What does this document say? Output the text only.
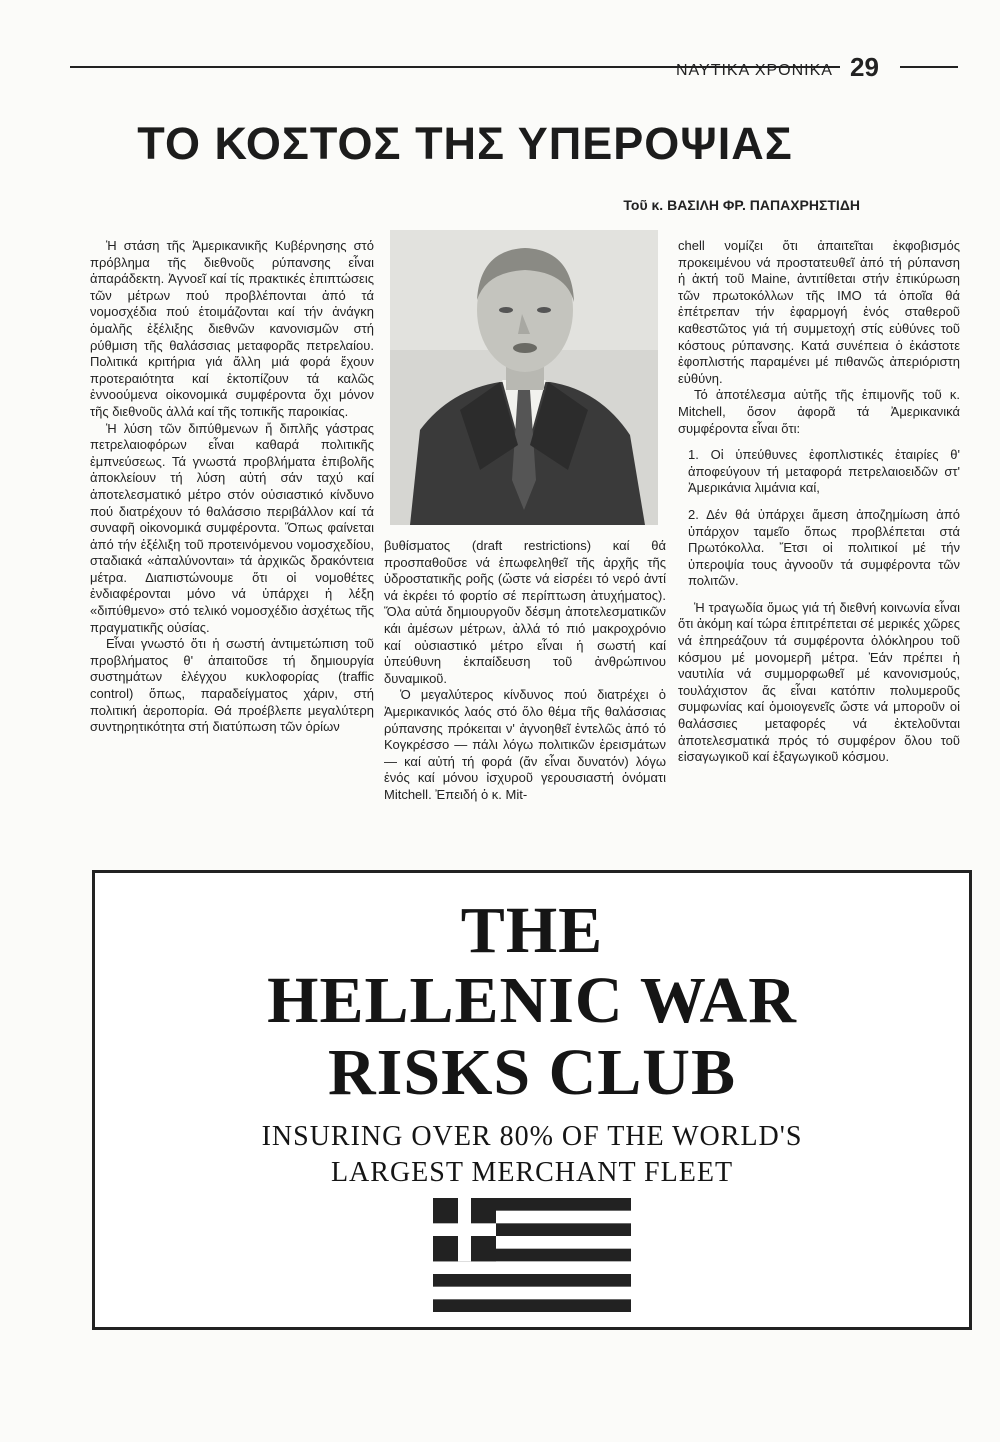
ΝΑΥΤΙΚΑ ΧΡΟΝΙΚΑ 29
ΤΟ ΚΟΣΤΟΣ ΤΗΣ ΥΠΕΡΟΨΙΑΣ
Τοῦ κ. ΒΑΣΙΛΗ ΦΡ. ΠΑΠΑΧΡΗΣΤΙΔΗ

Ἡ στάση τῆς Ἀμερικανικῆς Κυβέρνησης στό πρόβλημα τῆς διεθνοῦς ρύπανσης εἶναι ἀπαράδεκτη. Ἀγνοεῖ καί τίς πρακτικές ἐπιπτώσεις τῶν μέτρων πού προβλέπονται ἀπό τά νομοσχέδια πού ἑτοιμάζονται καί τήν ἀνάγκη ὁμαλῆς ἐξέλιξης διεθνῶν κανονισμῶν στή ρύθμιση τῆς θαλάσσιας μεταφορᾶς πετρελαίου. Πολιτικά κριτήρια γιά ἄλλη μιά φορά ἔχουν προτεραιότητα καί ἐκτοπίζουν τά καλῶς ἐννοούμενα οἰκονομικά συμφέροντα ὄχι μόνον τῆς διεθνοῦς ἀλλά καί τῆς τοπικῆς παροικίας.

Ἡ λύση τῶν διπύθμενων ἤ διπλῆς γάστρας πετρελαιοφόρων εἶναι καθαρά πολιτικῆς ἐμπνεύσεως. Τά γνωστά προβλήματα ἐπιβολῆς ἀποκλείουν τή λύση αὐτή σάν ταχύ καί ἀποτελεσματικό μέτρο στόν οὐσιαστικό κίνδυνο πού διατρέχουν τό θαλάσσιο περιβάλλον καί τά συναφῆ οἰκονομικά συμφέροντα. Ὅπως φαίνεται ἀπό τήν ἐξέλιξη τοῦ προτεινόμενου νομοσχεδίου, σταδιακά «ἀπαλύνονται» τά ἀρχικῶς δρακόντεια μέτρα. Διαπιστώνουμε ὅτι οἱ νομοθέτες ἐνδιαφέρονται μόνο νά ὑπάρχει ἡ λέξη «διπύθμενο» στό τελικό νομοσχέδιο ἀσχέτως τῆς πραγματικῆς οὐσίας.

Εἶναι γνωστό ὅτι ἡ σωστή ἀντιμετώπιση τοῦ προβλήματος θ' ἀπαιτοῦσε τή δημιουργία συστημάτων ἐλέγχου κυκλοφορίας (traffic control) ὅπως, παραδείγματος χάριν, στή πολιτική ἀεροπορία. Θά προέβλεπε μεγαλύτερη συντηρητικότητα στή διατύπωση τῶν ὁρίων

βυθίσματος (draft restrictions) καί θά προσπαθοῦσε νά ἐπωφεληθεῖ τῆς ἀρχῆς τῆς ὑδροστατικῆς ροῆς (ὥστε νά εἰσρέει τό νερό ἀντί νά ἐκρέει τό φορτίο σέ περίπτωση ἀτυχήματος). Ὅλα αὐτά δημιουργοῦν δέσμη ἀποτελεσματικῶν κάι ἀμέσων μέτρων, ἀλλά τό πιό μακροχρόνιο καί οὐσιαστικό μέτρο εἶναι ἡ σωστή καί ὑπεύθυνη ἐκπαίδευση τοῦ ἀνθρώπινου δυναμικοῦ.

Ὁ μεγαλύτερος κίνδυνος πού διατρέχει ὁ Ἀμερικανικός λαός στό ὅλο θέμα τῆς θαλάσσιας ρύπανσης πρόκειται ν' ἀγνοηθεῖ ἐντελῶς ἀπό τό Κογκρέσσο — πάλι λόγω πολιτικῶν ἐρεισμάτων — καί αὐτή τή φορά (ἄν εἶναι δυνατόν) λόγω ἑνός καί μόνου ἰσχυροῦ γερουσιαστή ὀνόματι Mitchell. Ἐπειδή ὁ κ. Mit-

chell νομίζει ὅτι ἀπαιτεῖται ἐκφοβισμός προκειμένου νά προστατευθεῖ ἀπό τή ρύπανση ἡ ἀκτή τοῦ Maine, ἀντιτίθεται στήν ἐπικύρωση τῶν πρωτοκόλλων τῆς IMO τά ὁποῖα θά ἐπέτρεπαν τήν ἐφαρμογή ἑνός σταθεροῦ καθεστῶτος γιά τή συμμετοχή στίς εὐθύνες τοῦ κόστους ρύπανσης. Κατά συνέπεια ὁ ἑκάστοτε ἐφοπλιστής παραμένει μέ πιθανῶς ἀπεριόριστη εὐθύνη.

Τό ἀποτέλεσμα αὐτῆς τῆς ἐπιμονῆς τοῦ κ. Mitchell, ὅσον ἀφορᾶ τά Ἀμερικανικά συμφέροντα εἶναι ὅτι:

1. Οἱ ὑπεύθυνες ἐφοπλιστικές ἑταιρίες θ' ἀποφεύγουν τή μεταφορά πετρελαιοειδῶν στ' Ἀμερικάνια λιμάνια καί,

2. Δέν θά ὑπάρχει ἄμεση ἀποζημίωση ἀπό ὑπάρχον ταμεῖο ὅπως προβλέπεται στά Πρωτόκολλα. Ἔτσι οἱ πολιτικοί μέ τήν ὑπεροψία τους ἀγνοοῦν τά συμφέροντα τῶν πολιτῶν.

Ἡ τραγωδία ὅμως γιά τή διεθνή κοινωνία εἶναι ὅτι ἀκόμη καί τώρα ἐπιτρέπεται σέ μερικές χῶρες νά ἐπηρεάζουν τά συμφέροντα ὁλόκληρου τοῦ κόσμου μέ μονομερῆ μέτρα. Ἐάν πρέπει ἡ ναυτιλία νά συμμορφωθεῖ μέ κανονισμούς, τουλάχιστον ἄς εἶναι κατόπιν πολυμεροῦς συμφωνίας καί ὁμοιογενεῖς ὥστε νά μποροῦν οἱ θαλάσσιες μεταφορές νά ἐκτελοῦνται ἀποτελεσματικά πρός τό συμφέρον ὅλου τοῦ εἰσαγωγικοῦ καί ἐξαγωγικοῦ κόσμου.

THE
HELLENIC WAR
RISKS CLUB
INSURING OVER 80% OF THE WORLD'S
LARGEST MERCHANT FLEET
